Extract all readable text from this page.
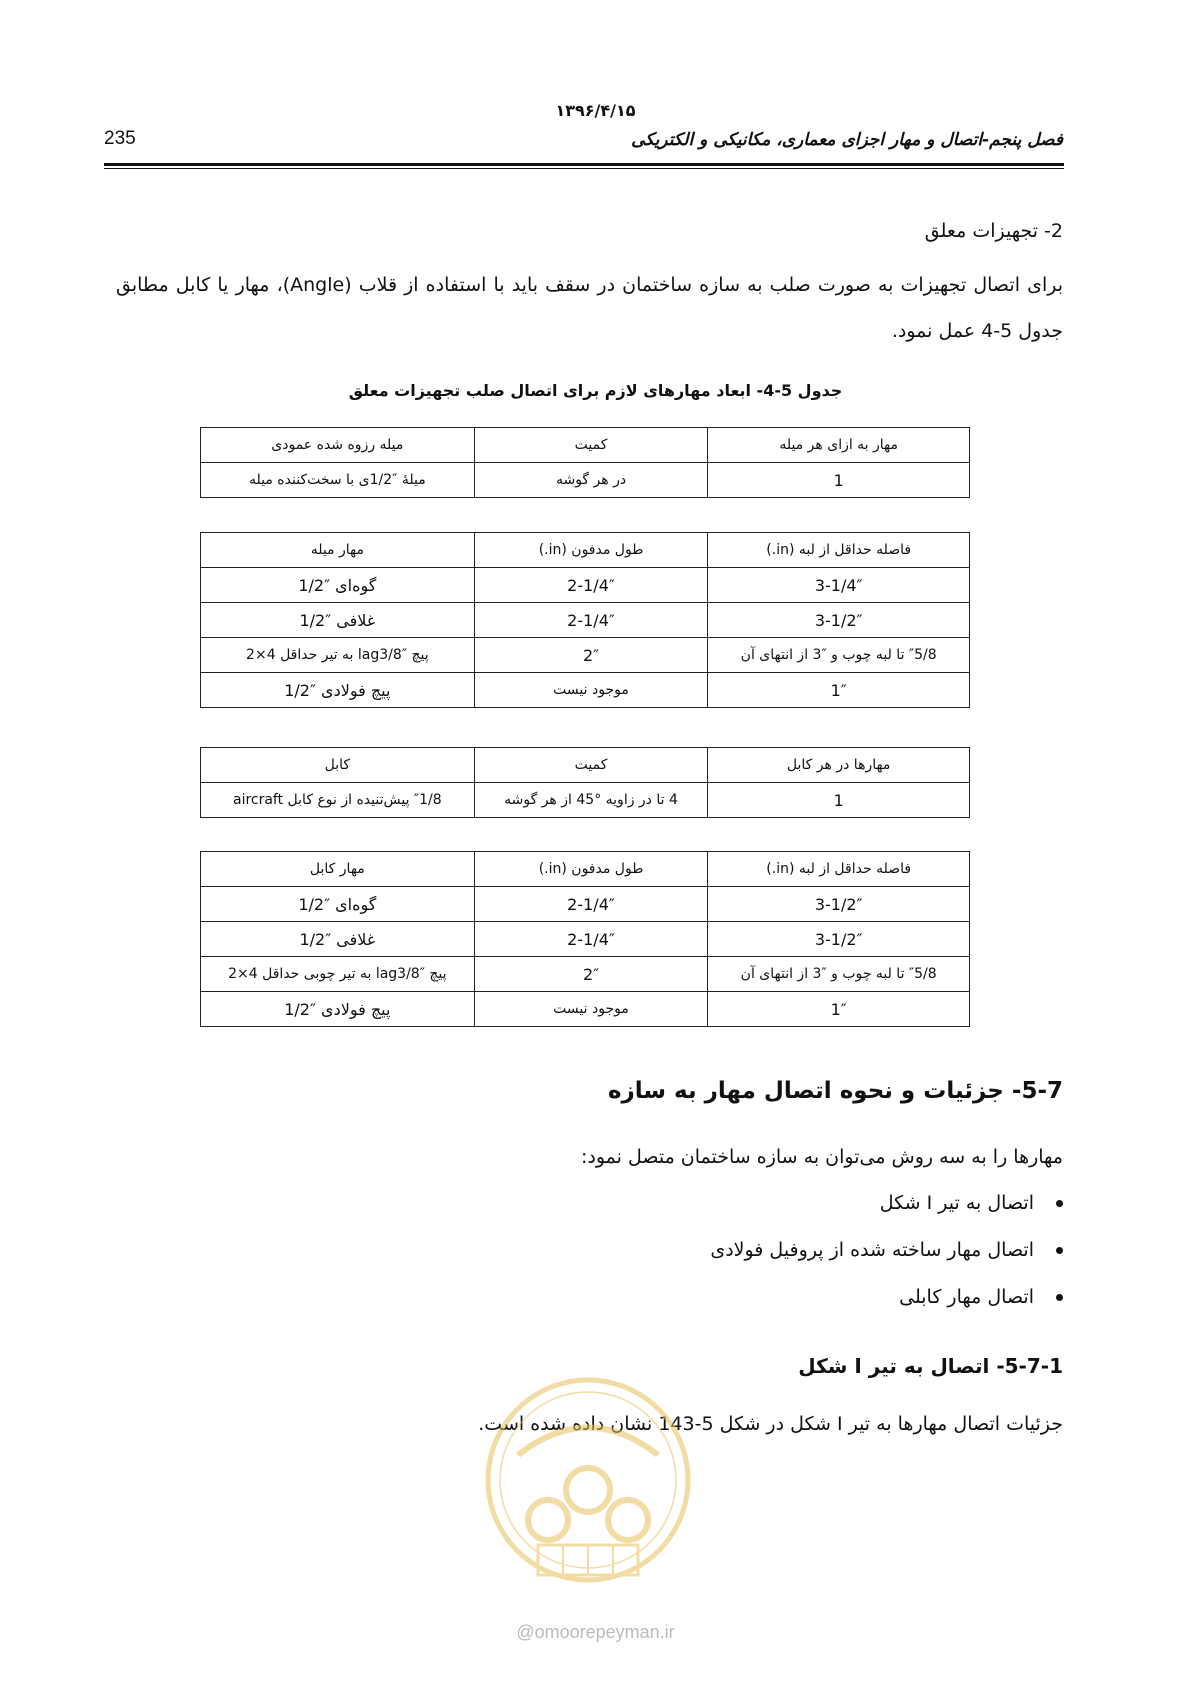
۱۳۹۶/۴/۱۵
235	فصل پنجم-اتصال و مهار اجزای معماری، مکانیکی و الکتریکی
2- تجهیزات معلق
برای اتصال تجهیزات به صورت صلب به سازه ساختمان در سقف باید با استفاده از قلاب (Angle)، مهار یا کابل مطابق جدول 5-4 عمل نمود.
جدول 5-4- ابعاد مهارهای لازم برای اتصال صلب تجهیزات معلق
مهار به ازای هر میله	کمیت	میله رزوه شده عمودی
1	در هر گوشه	میلهٔ ″1/2ی با سخت‌کننده میله
فاصله حداقل از لبه (in.)	طول مدفون (in.)	مهار میله
3-1/4″	2-1/4″	گوه‌ای ″1/2
3-1/2″	2-1/4″	غلافی ″1/2
″5/8 تا لبه چوب و ″3 از انتهای آن	2″	پیچ ″lag3/8 به تیر حداقل 4×2
1″	موجود نیست	پیچ فولادی ″1/2
مهارها در هر کابل	کمیت	کابل
1	4 تا در زاویه °45 از هر گوشه	″1/8 پیش‌تنیده از نوع کابل aircraft
فاصله حداقل از لبه (in.)	طول مدفون (in.)	مهار کابل
3-1/2″	2-1/4″	گوه‌ای ″1/2
3-1/2″	2-1/4″	غلافی ″1/2
″5/8 تا لبه چوب و ″3 از انتهای آن	2″	پیچ ″lag3/8 به تیر چوبی حداقل 4×2
1″	موجود نیست	پیچ فولادی ″1/2
5-7- جزئیات و نحوه اتصال مهار به سازه
مهارها را به سه روش می‌توان به سازه ساختمان متصل نمود:
اتصال به تیر I شکل
اتصال مهار ساخته شده از پروفیل فولادی
اتصال مهار کابلی
5-7-1- اتصال به تیر I شکل
جزئیات اتصال مهارها به تیر I شکل در شکل 5-143 نشان داده شده است.
@omoorepeyman.ir
